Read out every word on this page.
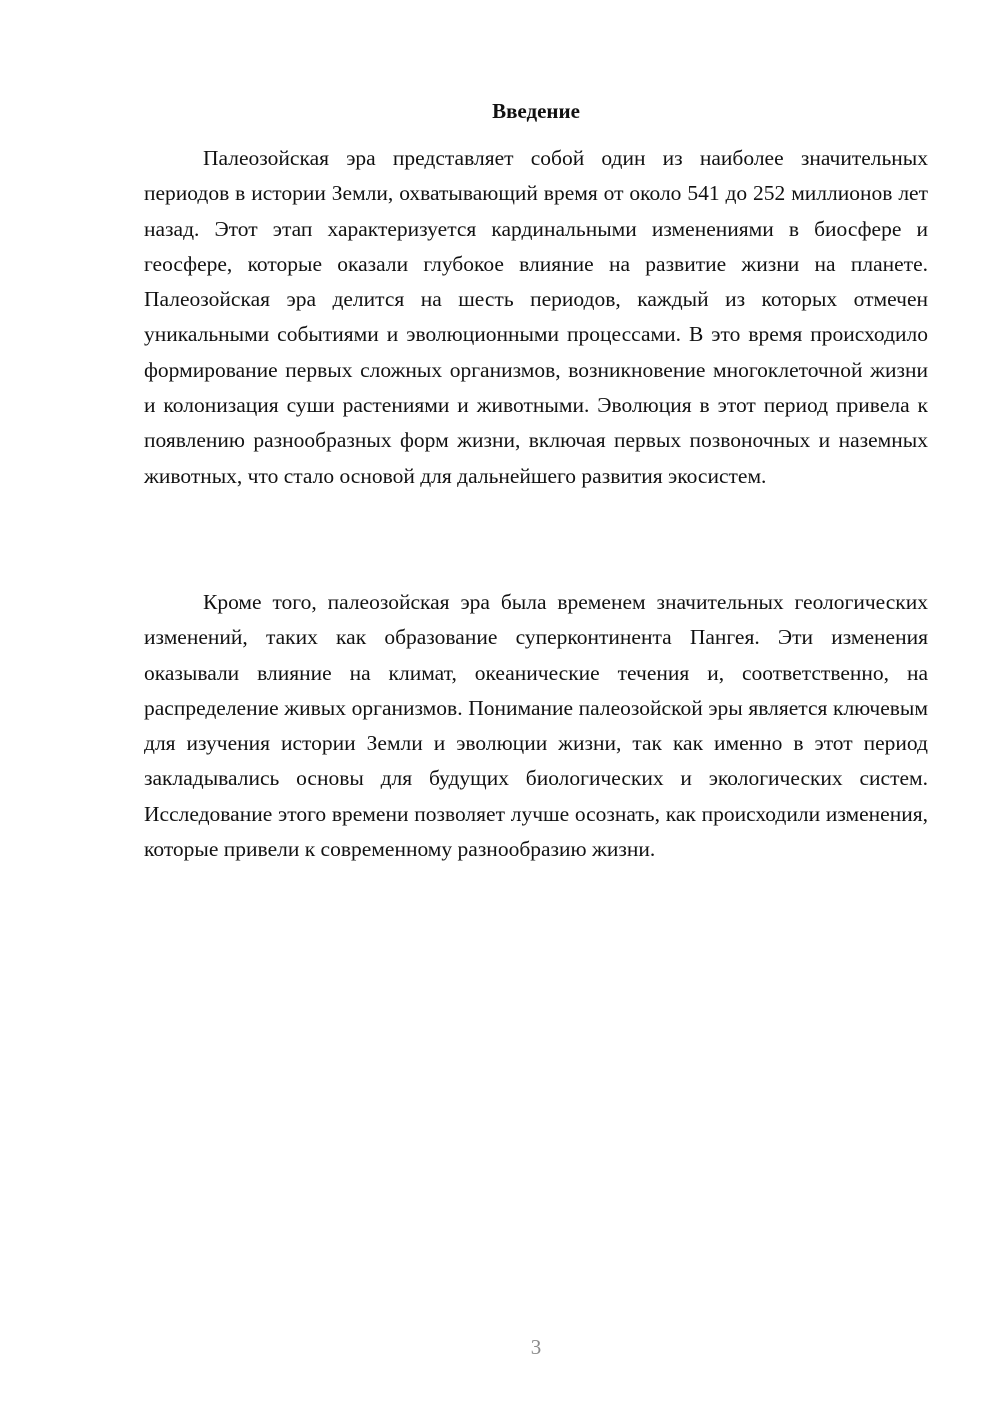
Введение

Палеозойская эра представляет собой один из наиболее значительных периодов в истории Земли, охватывающий время от около 541 до 252 миллионов лет назад. Этот этап характеризуется кардинальными изменениями в биосфере и геосфере, которые оказали глубокое влияние на развитие жизни на планете. Палеозойская эра делится на шесть периодов, каждый из которых отмечен уникальными событиями и эволюционными процессами. В это время происходило формирование первых сложных организмов, возникновение многоклеточной жизни и колонизация суши растениями и животными. Эволюция в этот период привела к появлению разнообразных форм жизни, включая первых позвоночных и наземных животных, что стало основой для дальнейшего развития экосистем.

Кроме того, палеозойская эра была временем значительных геологических изменений, таких как образование суперконтинента Пангея. Эти изменения оказывали влияние на климат, океанические течения и, соответственно, на распределение живых организмов. Понимание палеозойской эры является ключевым для изучения истории Земли и эволюции жизни, так как именно в этот период закладывались основы для будущих биологических и экологических систем. Исследование этого времени позволяет лучше осознать, как происходили изменения, которые привели к современному разнообразию жизни.

3
